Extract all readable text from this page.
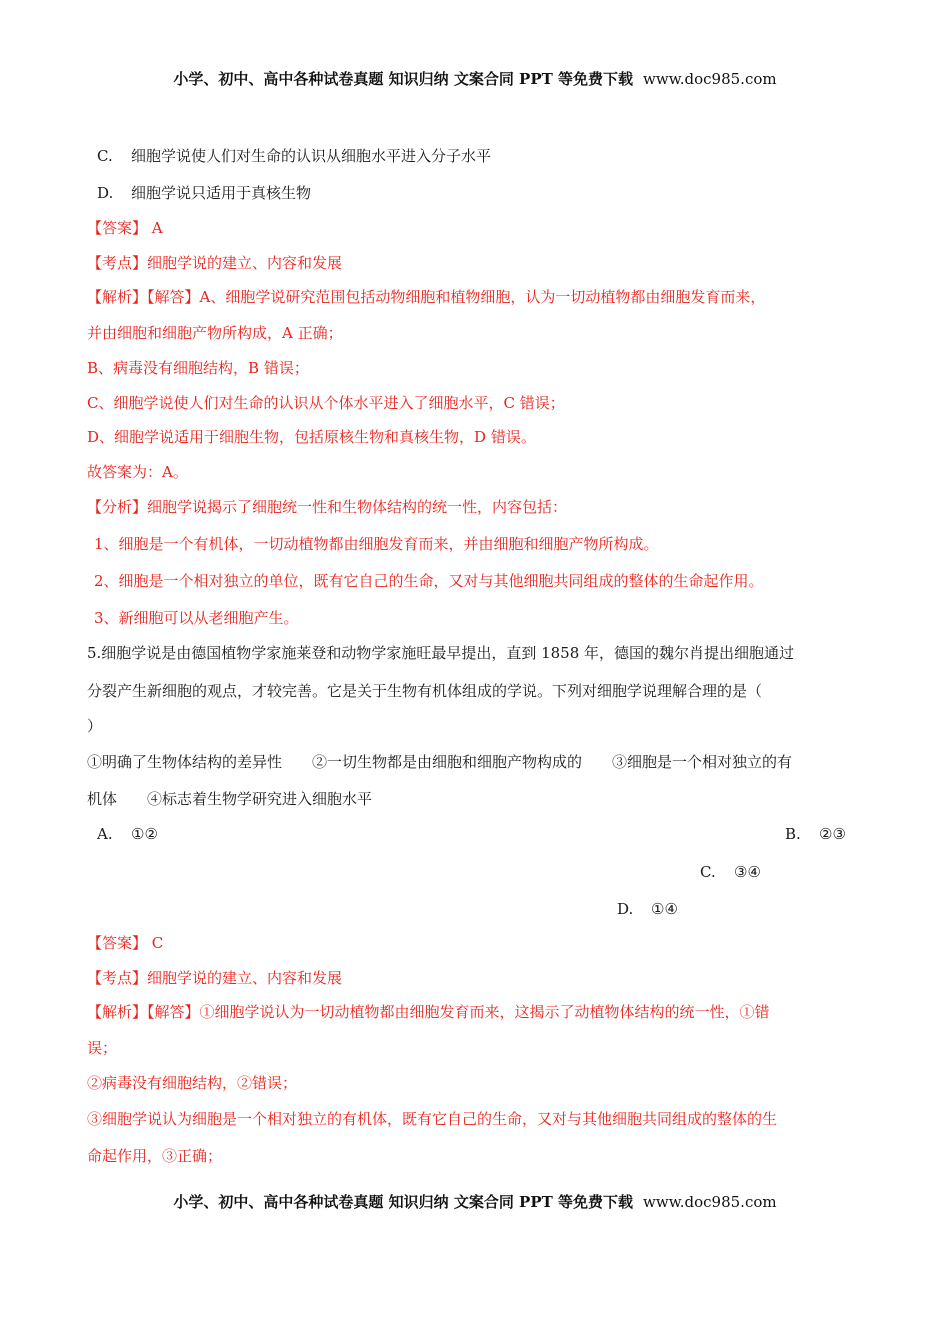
小学、初中、高中各种试卷真题 知识归纳 文案合同 PPT 等免费下载 www.doc985.com
C. 细胞学说使人们对生命的认识从细胞水平进入分子水平
D. 细胞学说只适用于真核生物
【答案】 A
【考点】细胞学说的建立、内容和发展
【解析】【解答】A、细胞学说研究范围包括动物细胞和植物细胞，认为一切动植物都由细胞发育而来，
并由细胞和细胞产物所构成，A 正确；
B、病毒没有细胞结构，B 错误；
C、细胞学说使人们对生命的认识从个体水平进入了细胞水平，C 错误；
D、细胞学说适用于细胞生物，包括原核生物和真核生物，D 错误。
故答案为：A。
【分析】细胞学说揭示了细胞统一性和生物体结构的统一性，内容包括：
1、细胞是一个有机体，一切动植物都由细胞发育而来，并由细胞和细胞产物所构成。
2、细胞是一个相对独立的单位，既有它自己的生命，又对与其他细胞共同组成的整体的生命起作用。
3、新细胞可以从老细胞产生。
5.细胞学说是由德国植物学家施莱登和动物学家施旺最早提出，直到 1858 年，德国的魏尔肖提出细胞通过
分裂产生新细胞的观点，才较完善。它是关于生物有机体组成的学说。下列对细胞学说理解合理的是（
）
①明确了生物体结构的差异性　　②一切生物都是由细胞和细胞产物构成的　　③细胞是一个相对独立的有
机体　　④标志着生物学研究进入细胞水平
A. ①②	B. ②③
C. ③④
D. ①④
【答案】 C
【考点】细胞学说的建立、内容和发展
【解析】【解答】①细胞学说认为一切动植物都由细胞发育而来，这揭示了动植物体结构的统一性，①错
误；
②病毒没有细胞结构，②错误；
③细胞学说认为细胞是一个相对独立的有机体，既有它自己的生命，又对与其他细胞共同组成的整体的生
命起作用，③正确；
小学、初中、高中各种试卷真题 知识归纳 文案合同 PPT 等免费下载 www.doc985.com
